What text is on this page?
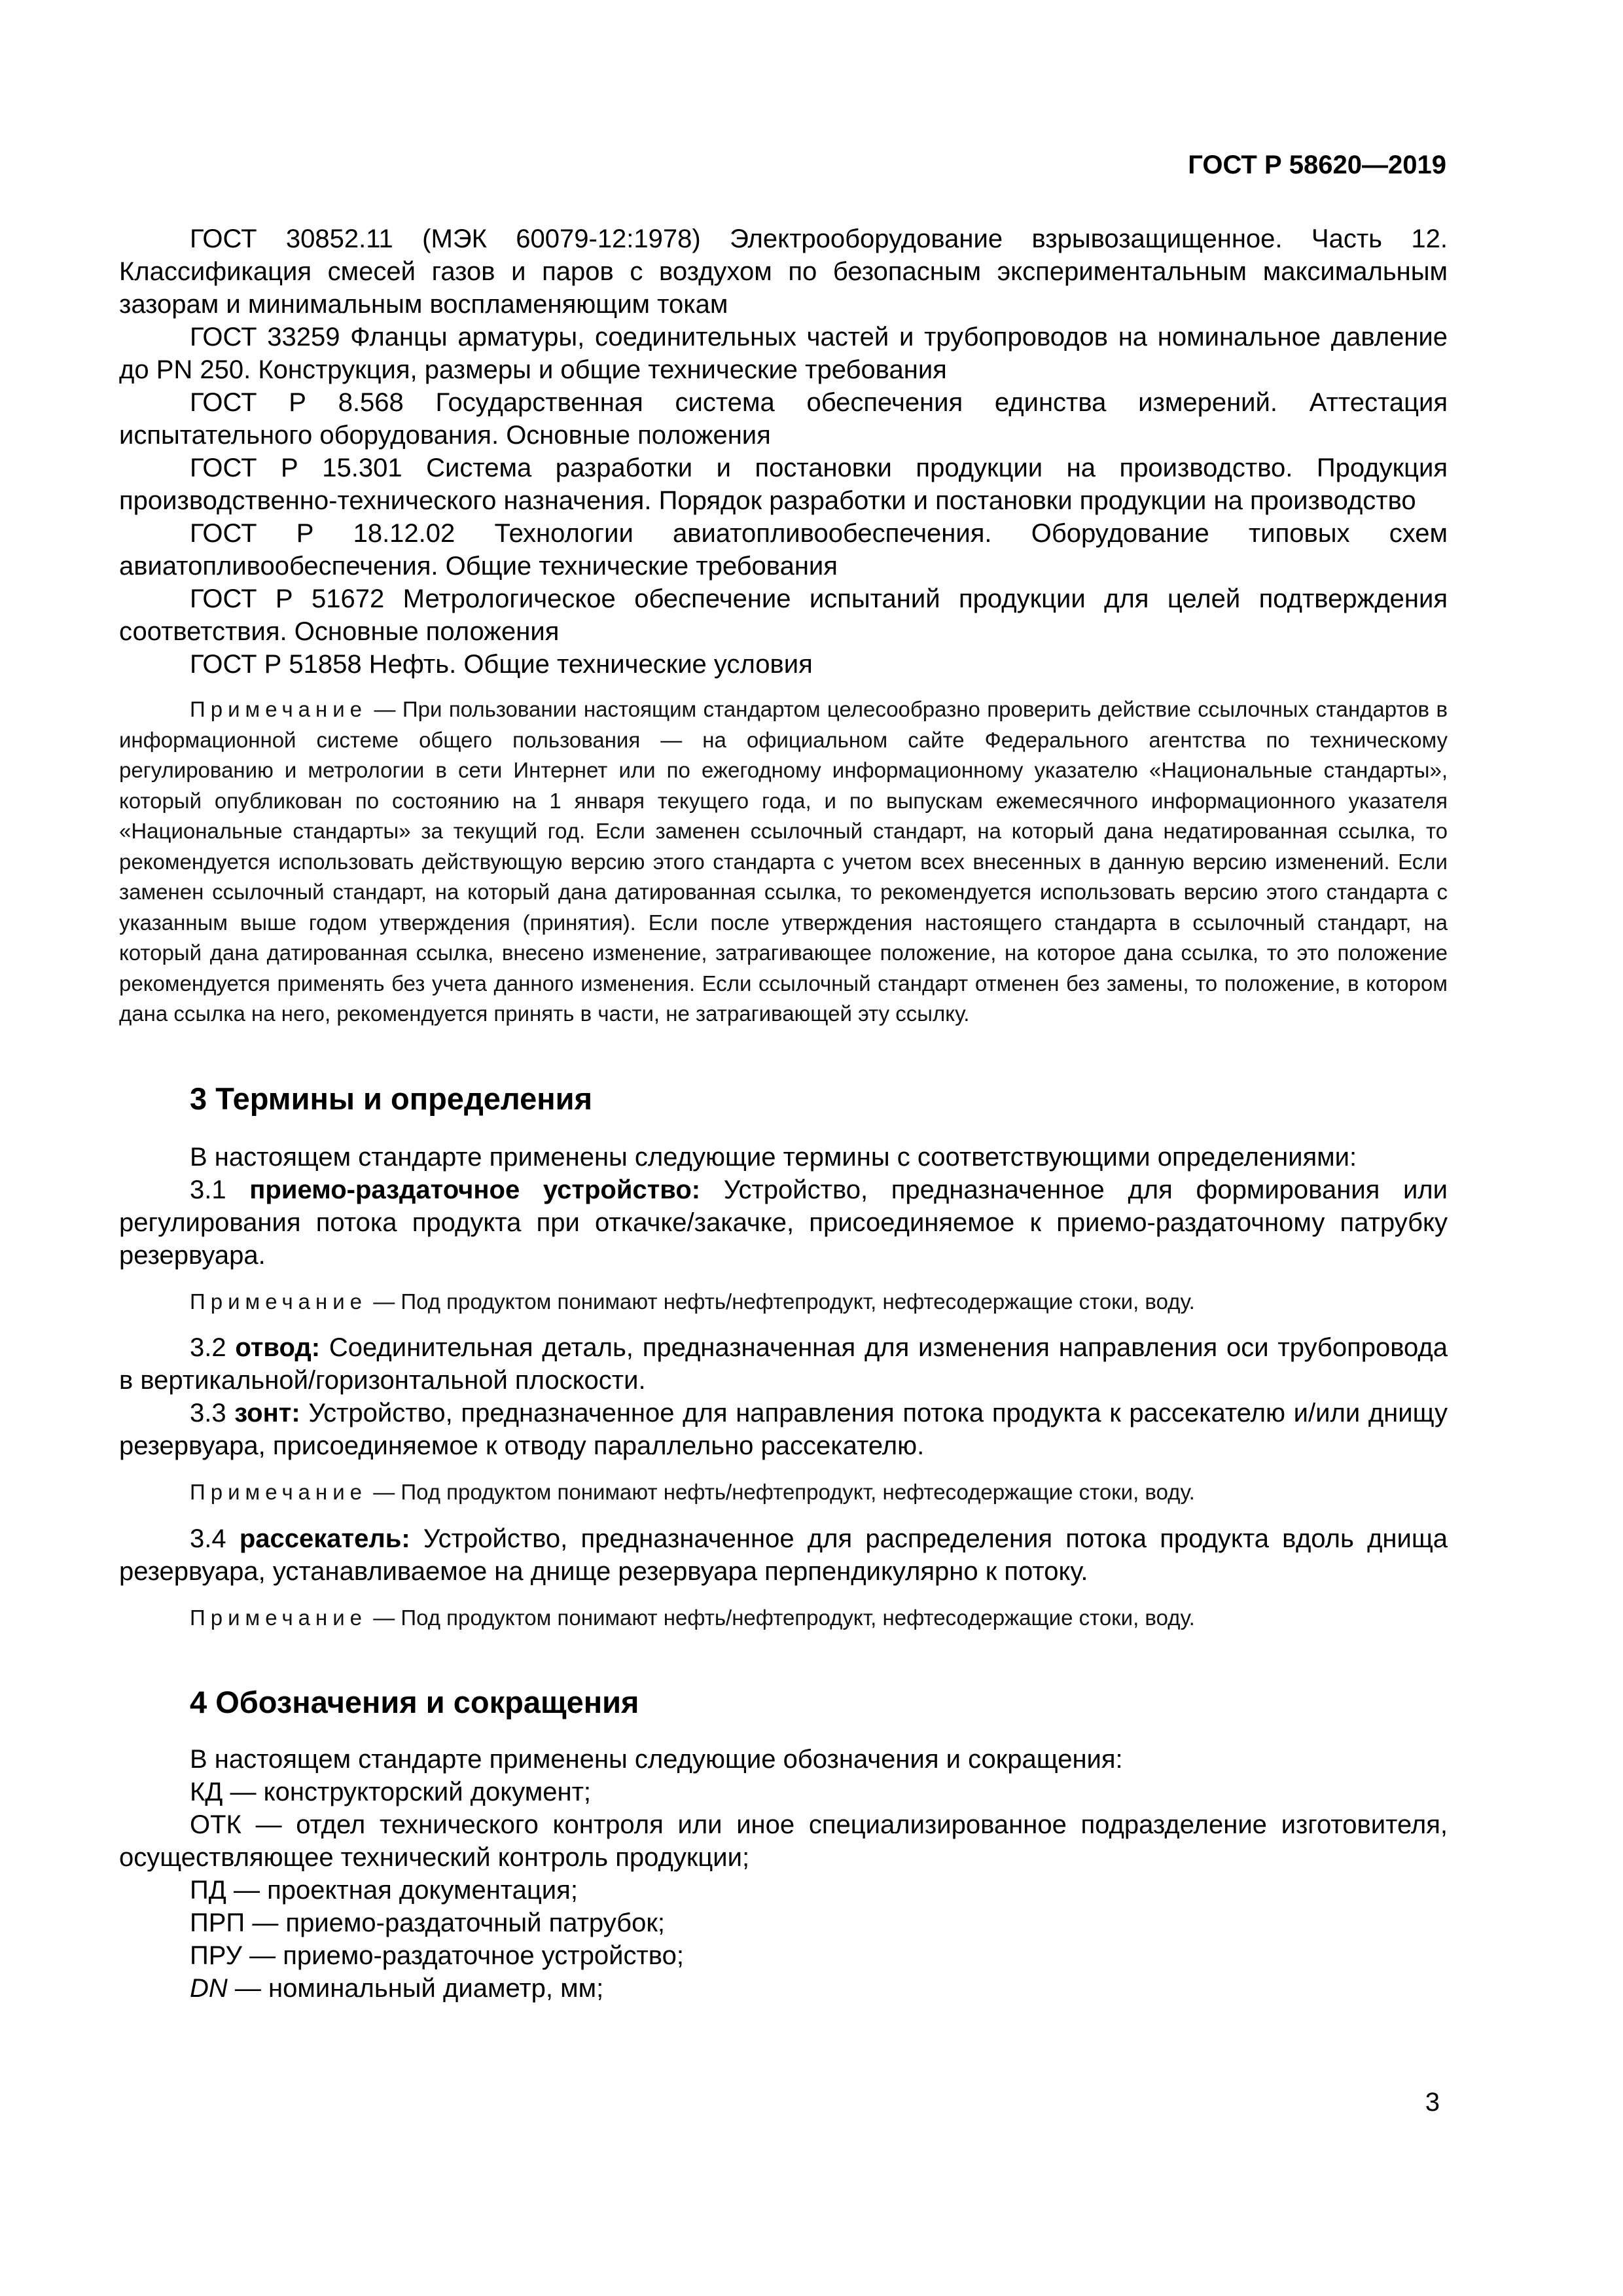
ГОСТ Р 58620—2019

ГОСТ 30852.11 (МЭК 60079-12:1978) Электрооборудование взрывозащищенное. Часть 12. Классификация смесей газов и паров с воздухом по безопасным экспериментальным максимальным зазорам и минимальным воспламеняющим токам

ГОСТ 33259 Фланцы арматуры, соединительных частей и трубопроводов на номинальное давление до PN 250. Конструкция, размеры и общие технические требования

ГОСТ Р 8.568 Государственная система обеспечения единства измерений. Аттестация испытательного оборудования. Основные положения

ГОСТ Р 15.301 Система разработки и постановки продукции на производство. Продукция производственно-технического назначения. Порядок разработки и постановки продукции на производство

ГОСТ Р 18.12.02 Технологии авиатопливообеспечения. Оборудование типовых схем авиатопливообеспечения. Общие технические требования

ГОСТ Р 51672 Метрологическое обеспечение испытаний продукции для целей подтверждения соответствия. Основные положения

ГОСТ Р 51858 Нефть. Общие технические условия

Примечание — При пользовании настоящим стандартом целесообразно проверить действие ссылочных стандартов в информационной системе общего пользования — на официальном сайте Федерального агентства по техническому регулированию и метрологии в сети Интернет или по ежегодному информационному указателю «Национальные стандарты», который опубликован по состоянию на 1 января текущего года, и по выпускам ежемесячного информационного указателя «Национальные стандарты» за текущий год. Если заменен ссылочный стандарт, на который дана недатированная ссылка, то рекомендуется использовать действующую версию этого стандарта с учетом всех внесенных в данную версию изменений. Если заменен ссылочный стандарт, на который дана датированная ссылка, то рекомендуется использовать версию этого стандарта с указанным выше годом утверждения (принятия). Если после утверждения настоящего стандарта в ссылочный стандарт, на который дана датированная ссылка, внесено изменение, затрагивающее положение, на которое дана ссылка, то это положение рекомендуется применять без учета данного изменения. Если ссылочный стандарт отменен без замены, то положение, в котором дана ссылка на него, рекомендуется принять в части, не затрагивающей эту ссылку.

3 Термины и определения

В настоящем стандарте применены следующие термины с соответствующими определениями:

3.1 приемо-раздаточное устройство: Устройство, предназначенное для формирования или регулирования потока продукта при откачке/закачке, присоединяемое к приемо-раздаточному патрубку резервуара.

Примечание — Под продуктом понимают нефть/нефтепродукт, нефтесодержащие стоки, воду.

3.2 отвод: Соединительная деталь, предназначенная для изменения направления оси трубопровода в вертикальной/горизонтальной плоскости.

3.3 зонт: Устройство, предназначенное для направления потока продукта к рассекателю и/или днищу резервуара, присоединяемое к отводу параллельно рассекателю.

Примечание — Под продуктом понимают нефть/нефтепродукт, нефтесодержащие стоки, воду.

3.4 рассекатель: Устройство, предназначенное для распределения потока продукта вдоль днища резервуара, устанавливаемое на днище резервуара перпендикулярно к потоку.

Примечание — Под продуктом понимают нефть/нефтепродукт, нефтесодержащие стоки, воду.

4 Обозначения и сокращения

В настоящем стандарте применены следующие обозначения и сокращения:

КД — конструкторский документ;

ОТК — отдел технического контроля или иное специализированное подразделение изготовителя, осуществляющее технический контроль продукции;

ПД — проектная документация;

ПРП — приемо-раздаточный патрубок;

ПРУ — приемо-раздаточное устройство;

DN — номинальный диаметр, мм;

3
